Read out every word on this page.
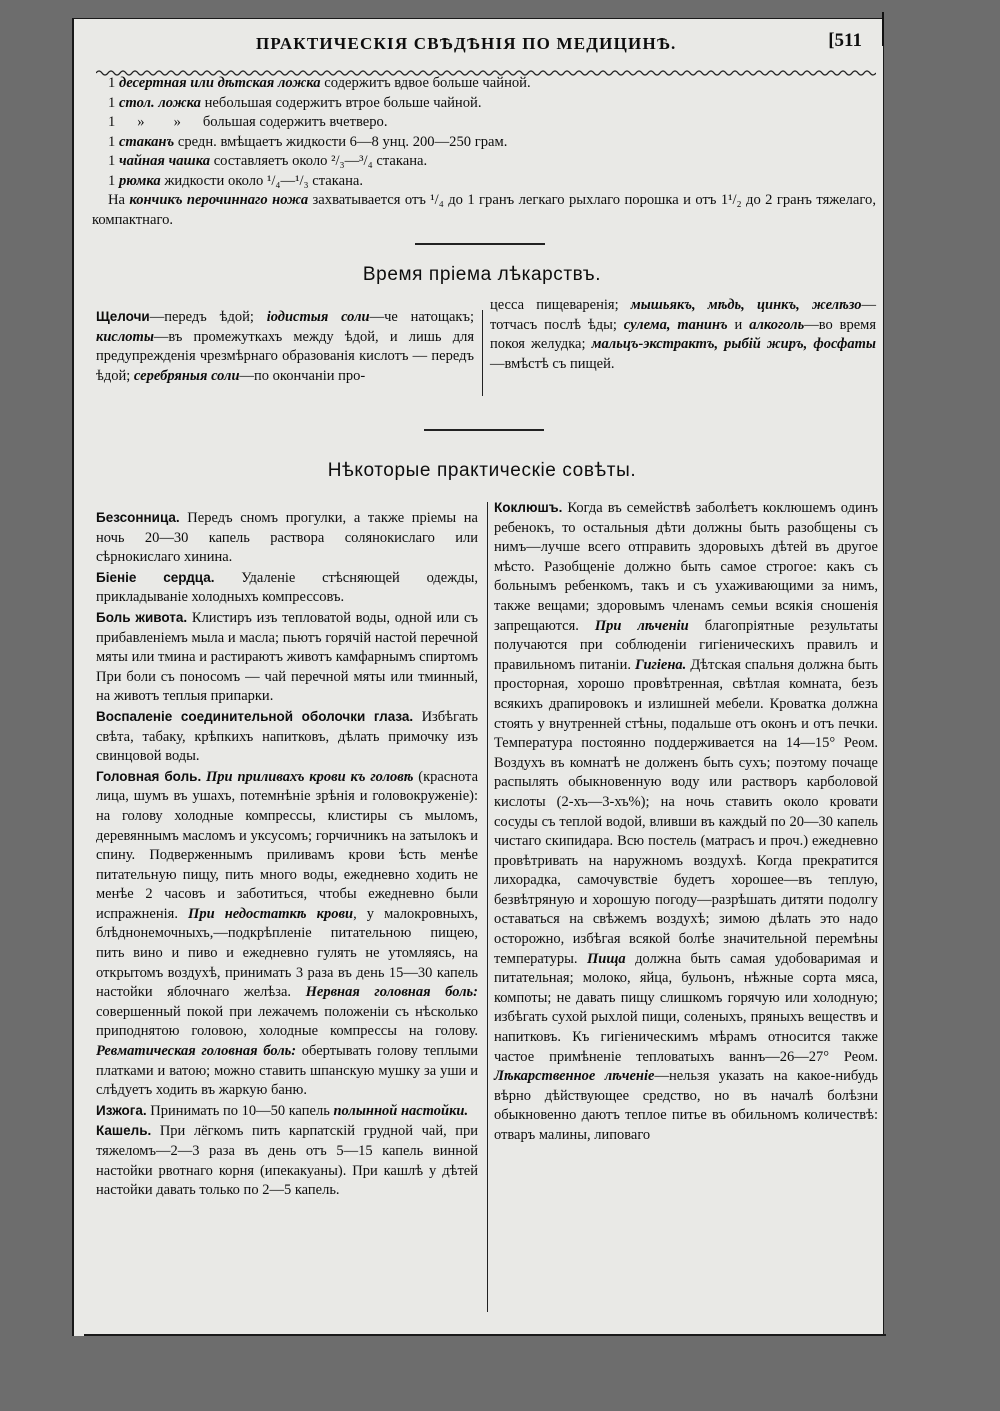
ПРАКТИЧЕСКІЯ СВѢДѢНІЯ ПО МЕДИЦИНѢ.	[511

1 десертная или дѣтская ложка содержитъ вдвое больше чайной.

1 стол. ложка небольшая содержитъ втрое больше чайной.

1      »        »      большая содержитъ вчетверо.

1 стаканъ средн. вмѣщаетъ жидкости 6—8 унц. 200—250 грам.

1 чайная чашка составляетъ около ²/₃—³/₄ стакана.

1 рюмка жидкости около ¹/₄—¹/₃ стакана.

На кончикъ перочиннаго ножа захватывается отъ ¹/₄ до 1 гранъ легкаго рыхлаго порошка и отъ 1¹/₂ до 2 гранъ тяжелаго, компактнаго.

Время пріема лѣкарствъ.

Щелочи—передъ ѣдой; іодистыя соли—че натощакъ; кислоты—въ промежуткахъ между ѣдой, и лишь для предупрежденія чрезмѣрнаго образованія кислотъ — передъ ѣдой; серебряныя соли—по окончаніи про-

цесса пищеваренія; мышьякъ, мѣдь, цинкъ, желѣзо—тотчасъ послѣ ѣды; сулема, танинъ и алкоголь—во время покоя желудка; мальцъ-экстрактъ, рыбій жиръ, фосфаты—вмѣстѣ съ пищей.

Нѣкоторые практическіе совѣты.

Безсонница. Передъ сномъ прогулки, а также пріемы на ночь 20—30 капель раствора солянокислаго или сѣрнокислаго хинина.

Біеніе сердца. Удаленіе стѣсняющей одежды, прикладываніе холодныхъ компрессовъ.

Боль живота. Клистиръ изъ тепловатой воды, одной или съ прибавленіемъ мыла и масла; пьютъ горячій настой перечной мяты или тмина и растираютъ животъ камфарнымъ спиртомъ При боли съ поносомъ — чай перечной мяты или тминный, на животъ теплыя припарки.

Воспаленіе соединительной оболочки глаза. Избѣгать свѣта, табаку, крѣпкихъ напитковъ, дѣлать примочку изъ свинцовой воды.

Головная боль. При приливахъ крови къ головѣ (краснота лица, шумъ въ ушахъ, потемнѣніе зрѣнія и головокруженіе): на голову холодные компрессы, клистиры съ мыломъ, деревяннымъ масломъ и уксусомъ; горчичникъ на затылокъ и спину. Подверженнымъ приливамъ крови ѣсть менѣе питательную пищу, пить много воды, ежедневно ходить не менѣе 2 часовъ и заботиться, чтобы ежедневно были испражненія. При недостаткѣ крови, у малокровныхъ, блѣднонемочныхъ,—подкрѣпленіе питательною пищею, пить вино и пиво и ежедневно гулять не утомляясь, на открытомъ воздухѣ, принимать 3 раза въ день 15—30 капель настойки яблочнаго желѣза. Нервная головная боль: совершенный покой при лежачемъ положеніи съ нѣсколько приподнятою головою, холодные компрессы на голову. Ревматическая головная боль: обертывать голову теплыми платками и ватою; можно ставить шпанскую мушку за уши и слѣдуетъ ходить въ жаркую баню.

Изжога. Принимать по 10—50 капель полынной настойки.

Кашель. При лёгкомъ пить карпатскій грудной чай, при тяжеломъ—2—3 раза въ день отъ 5—15 капель винной настойки рвотнаго корня (ипекакуаны). При кашлѣ у дѣтей настойки давать только по 2—5 капель.

Коклюшъ. Когда въ семействѣ заболѣетъ коклюшемъ одинъ ребенокъ, то остальныя дѣти должны быть разобщены съ нимъ—лучше всего отправить здоровыхъ дѣтей въ другое мѣсто. Разобщеніе должно быть самое строгое: какъ съ больнымъ ребенкомъ, такъ и съ ухаживающими за нимъ, также вещами; здоровымъ членамъ семьи всякія сношенія запрещаются. При лѣченіи благопріятные результаты получаются при соблюденіи гигіеническихъ правилъ и правильномъ питаніи. Гигіена. Дѣтская спальня должна быть просторная, хорошо провѣтренная, свѣтлая комната, безъ всякихъ драпировокъ и излишней мебели. Кроватка должна стоять у внутренней стѣны, подальше отъ оконъ и отъ печки. Температура постоянно поддерживается на 14—15° Реом. Воздухъ въ комнатѣ не долженъ быть сухъ; поэтому почаще распылять обыкновенную воду или растворъ карболовой кислоты (2-хъ—3-хъ%); на ночь ставить около кровати сосуды съ теплой водой, вливши въ каждый по 20—30 капель чистаго скипидара. Всю постель (матрасъ и проч.) ежедневно провѣтривать на наружномъ воздухѣ. Когда прекратится лихорадка, самочувствіе будетъ хорошее—въ теплую, безвѣтряную и хорошую погоду—разрѣшать дитяти подолгу оставаться на свѣжемъ воздухѣ; зимою дѣлать это надо осторожно, избѣгая всякой болѣе значительной перемѣны температуры. Пища должна быть самая удобоваримая и питательная; молоко, яйца, бульонъ, нѣжные сорта мяса, компоты; не давать пищу слишкомъ горячую или холодную; избѣгать сухой рыхлой пищи, соленыхъ, пряныхъ веществъ и напитковъ. Къ гигіеническимъ мѣрамъ относится также частое примѣненіе тепловатыхъ ваннъ—26—27° Реом. Лѣкарственное лѣченіе—нельзя указать на какое-нибудь вѣрно дѣйствующее средство, но въ началѣ болѣзни обыкновенно даютъ теплое питье въ обильномъ количествѣ: отваръ малины, липоваго
